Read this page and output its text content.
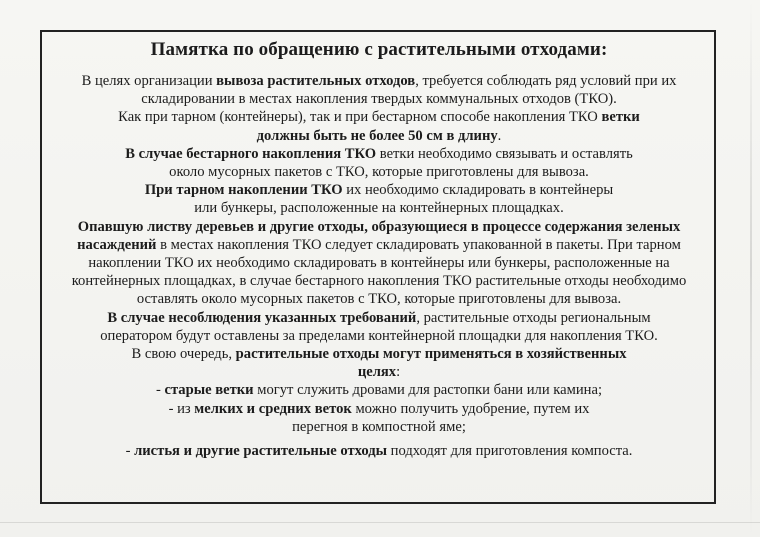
Памятка по обращению с растительными отходами:

В целях организации вывоза растительных отходов, требуется соблюдать ряд условий при их складировании в местах накопления твердых коммунальных отходов (ТКО).

Как при тарном (контейнеры), так и при бестарном способе накопления ТКО ветки должны быть не более 50 см в длину.

В случае бестарного накопления ТКО ветки необходимо связывать и оставлять около мусорных пакетов с ТКО, которые приготовлены для вывоза.

При тарном накоплении ТКО их необходимо складировать в контейнеры или бункеры, расположенные на контейнерных площадках.

Опавшую листву деревьев и другие отходы, образующиеся в процессе содержания зеленых насаждений в местах накопления ТКО следует складировать упакованной в пакеты. При тарном накоплении ТКО их необходимо складировать в контейнеры или бункеры, расположенные на контейнерных площадках, в случае бестарного накопления ТКО растительные отходы необходимо оставлять около мусорных пакетов с ТКО, которые приготовлены для вывоза.

В случае несоблюдения указанных требований, растительные отходы региональным оператором будут оставлены за пределами контейнерной площадки для накопления ТКО.

В свою очередь, растительные отходы могут применяться в хозяйственных целях:

- старые ветки могут служить дровами для растопки бани или камина;

- из мелких и средних веток можно получить удобрение, путем их перегноя в компостной яме;

- листья и другие растительные отходы подходят для приготовления компоста.
